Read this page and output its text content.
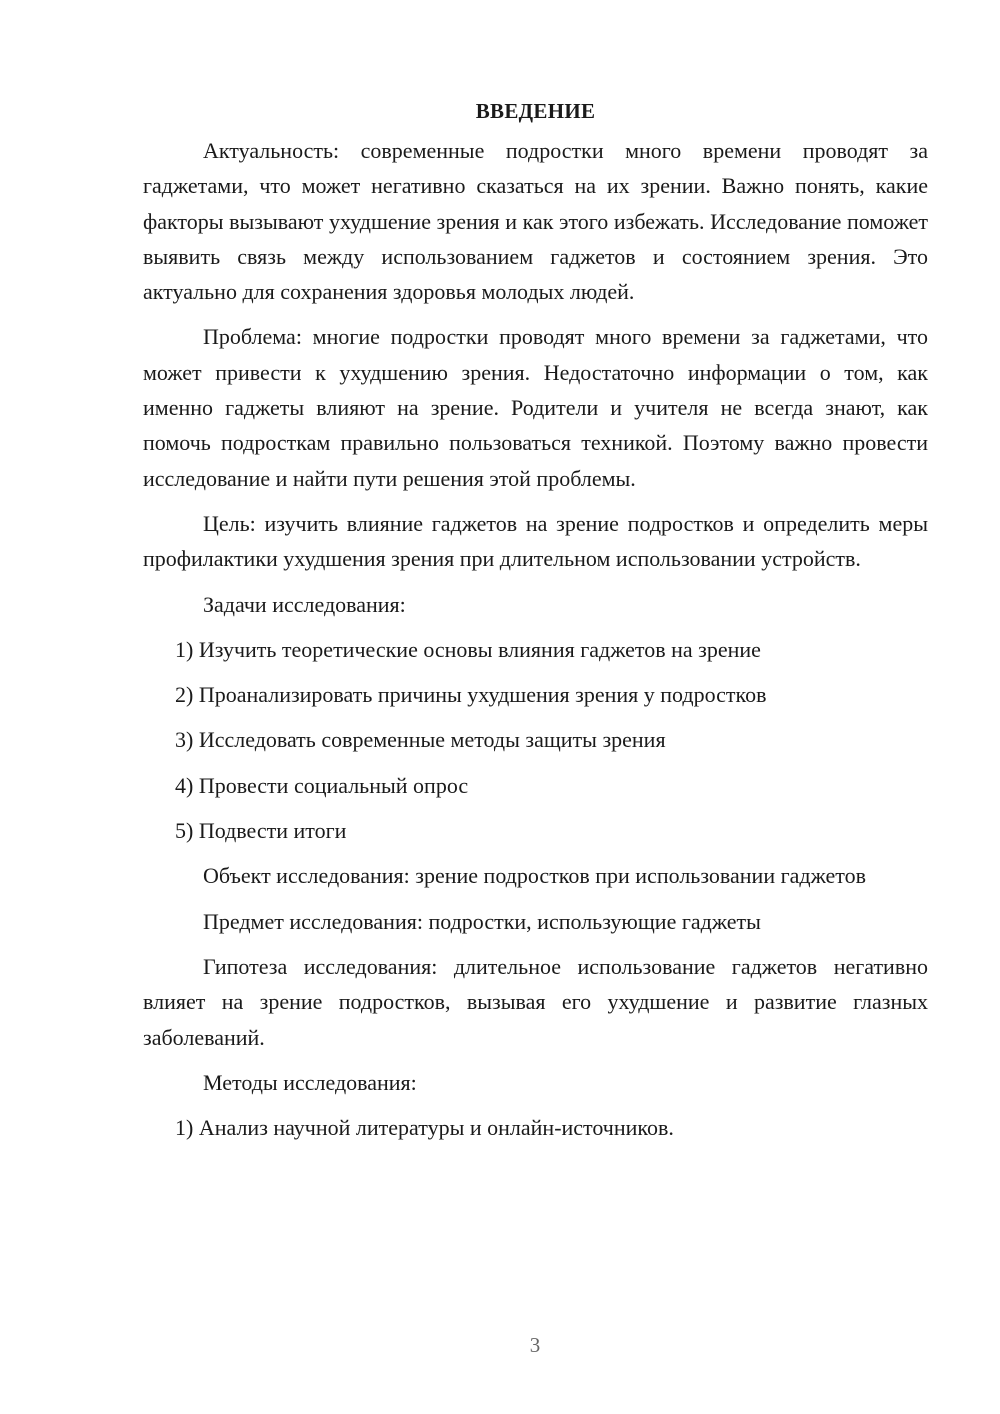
ВВЕДЕНИЕ

Актуальность: современные подростки много времени проводят за гаджетами, что может негативно сказаться на их зрении. Важно понять, какие факторы вызывают ухудшение зрения и как этого избежать. Исследование поможет выявить связь между использованием гаджетов и состоянием зрения. Это актуально для сохранения здоровья молодых людей.

Проблема: многие подростки проводят много времени за гаджетами, что может привести к ухудшению зрения. Недостаточно информации о том, как именно гаджеты влияют на зрение. Родители и учителя не всегда знают, как помочь подросткам правильно пользоваться техникой. Поэтому важно провести исследование и найти пути решения этой проблемы.

Цель: изучить влияние гаджетов на зрение подростков и определить меры профилактики ухудшения зрения при длительном использовании устройств.

Задачи исследования:

1) Изучить теоретические основы влияния гаджетов на зрение

2) Проанализировать причины ухудшения зрения у подростков

3) Исследовать современные методы защиты зрения

4) Провести социальный опрос

5) Подвести итоги

Объект исследования: зрение подростков при использовании гаджетов

Предмет исследования: подростки, использующие гаджеты

Гипотеза исследования: длительное использование гаджетов негативно влияет на зрение подростков, вызывая его ухудшение и развитие глазных заболеваний.

Методы исследования:

1) Анализ научной литературы и онлайн-источников.

3
